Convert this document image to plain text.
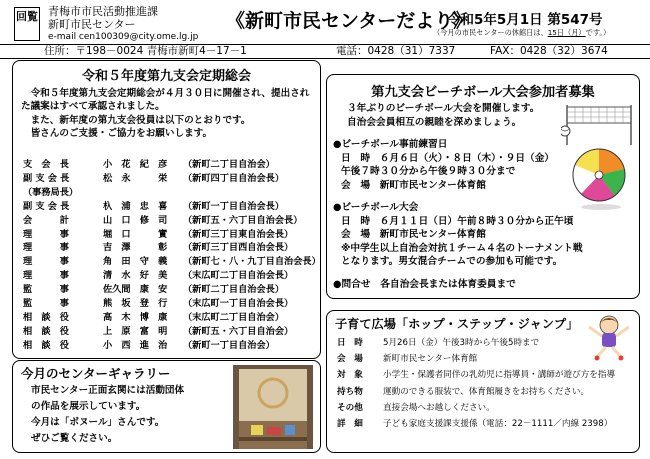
回覧 青梅市市民活動推進課
新町市民センター
e-mail cen100309@city.ome.lg.jp
《新町市民センターだより》
令和5年5月1日 第547号
（今月の市民センターの休館日は、15日（月）です。）
住所：〒198－0024 青梅市新町4－17－1	電話：0428（31）7337	FAX：0428（32）3674
令和５年度第九支会定期総会

令和５年度第九支会定期総会が４月３０日に開催され、提出された議案はすべて承認されました。

また、新年度の第九支会役員は以下のとおりです。

皆さんのご支援・ご協力をお願いします。

支　会　長	小　花　紀　彦 （新町二丁目自治会）
副 支 会 長	松　永　　　栄 （新町四丁目自治会長）
（事務局長）
副 支 会 長	杁　浦　忠　喜 （新町一丁目自治会長）
会　　　計	山　口　修　司 （新町五・六丁目自治会長）
理　　　事	堀　口　　　實 （新町三丁目東自治会長）
理　　　事	吉　澤　　　彰 （新町三丁目西自治会長）
理　　　事	角　田　守　義 （新町七・八・九丁目自治会長）
理　　　事	清　水　好　美 （末広町二丁目自治会長）
監　　　事	佐久間　康　安 （新町二丁目自治会長）
監　　　事	熊　坂　登　行 （末広町一丁目自治会長）
相　談　役	高　木　博　康 （末広町二丁目自治会）
相　談　役	上　原　富　明 （新町五・六丁目自治会）
相　談　役	小　西　進　治 （新町一丁目自治会）
今月のセンターギャラリー
市民センター正面玄関には活動団体
の作品を展示しています。
今月は「ボヌール」さんです。
ぜひご覧ください。
第九支会ビーチボール大会参加者募集
３年ぶりのビーチボール大会を開催します。
自治会会員相互の親睦を深めましょう。
●ビーチボール事前練習日
日　時　６月６日（火）・８日（木）・９日（金）
午後７時３０分から午後９時３０分まで
会　場　新町市民センター体育館
●ビーチボール大会
日　時　６月１１日（日）午前８時３０分から正午頃
会　場　新町市民センター体育館
※中学生以上自治会対抗１チーム４名のトーナメント戦
となります。男女混合チームでの参加も可能です。
●問合せ　各自治会長または体育委員まで
子育て広場「ホップ・ステップ・ジャンプ」
日　時 5月26日（金）午後3時から午後5時まで
会　場 新町市民センター体育館
対　象 小学生・保護者同伴の乳幼児に指導員・講師が遊び方を指導
持ち物 運動のできる服装で、体育館履きをお持ちください。
その他 直接会場へお越しください。
詳　細 子ども家庭支援課支援係（電話：22－1111／内線 2398）
